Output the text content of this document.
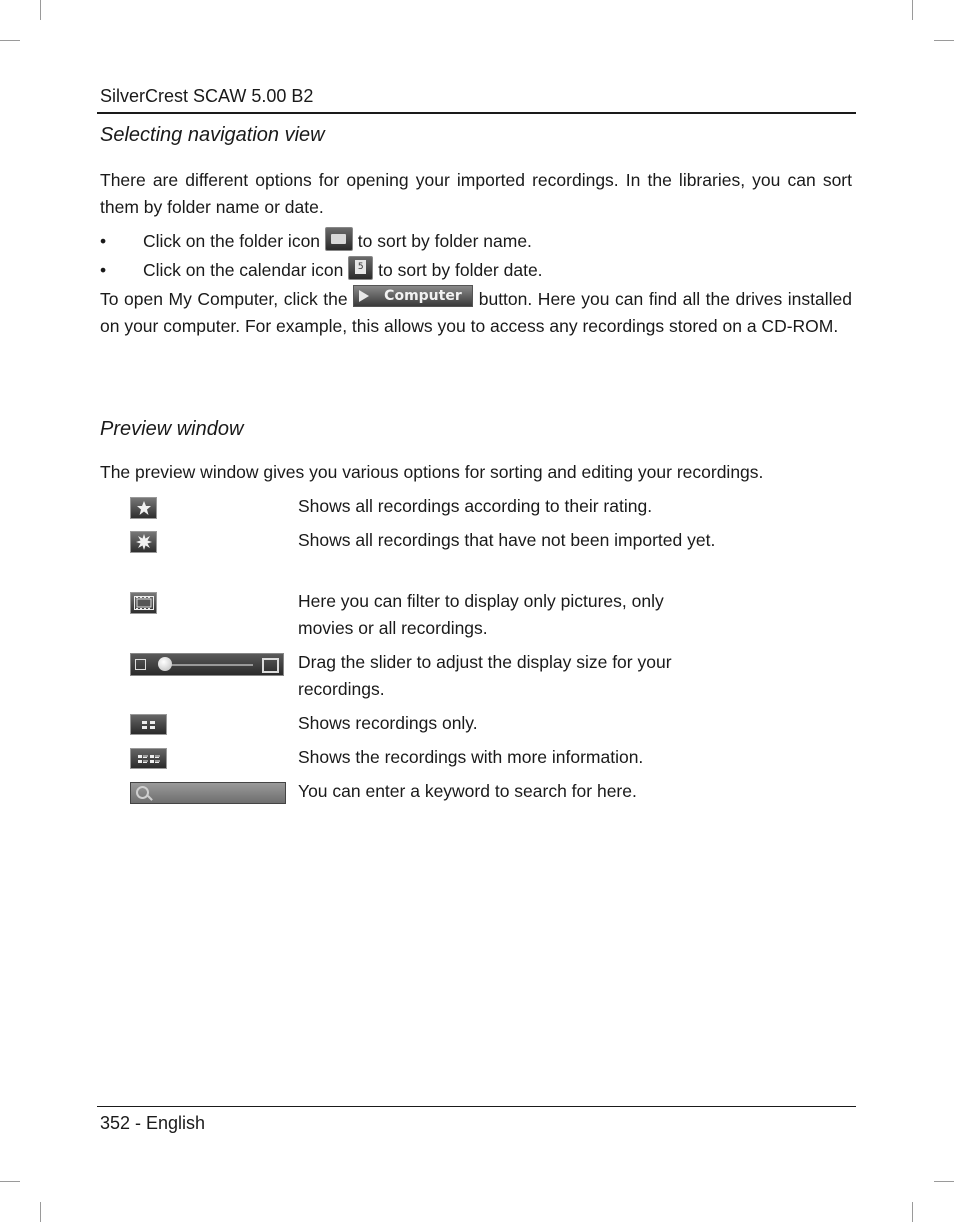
SilverCrest SCAW 5.00 B2
Selecting navigation view
There are different options for opening your imported recordings. In the libraries, you can sort them by folder name or date.
• Click on the folder icon to sort by folder name.
• Click on the calendar icon 5 to sort by folder date.
To open My Computer, click the	Computer button. Here you can find all the drives installed on your computer. For example, this allows you to access any recordings stored on a CD-ROM.
Preview window
The preview window gives you various options for sorting and editing your recordings.
Shows all recordings according to their rating.
Shows all recordings that have not been imported yet.
Here you can filter to display only pictures, only movies or all recordings.
Drag the slider to adjust the display size for your recordings.
Shows recordings only.
Shows the recordings with more information.
You can enter a keyword to search for here.
352 - English
